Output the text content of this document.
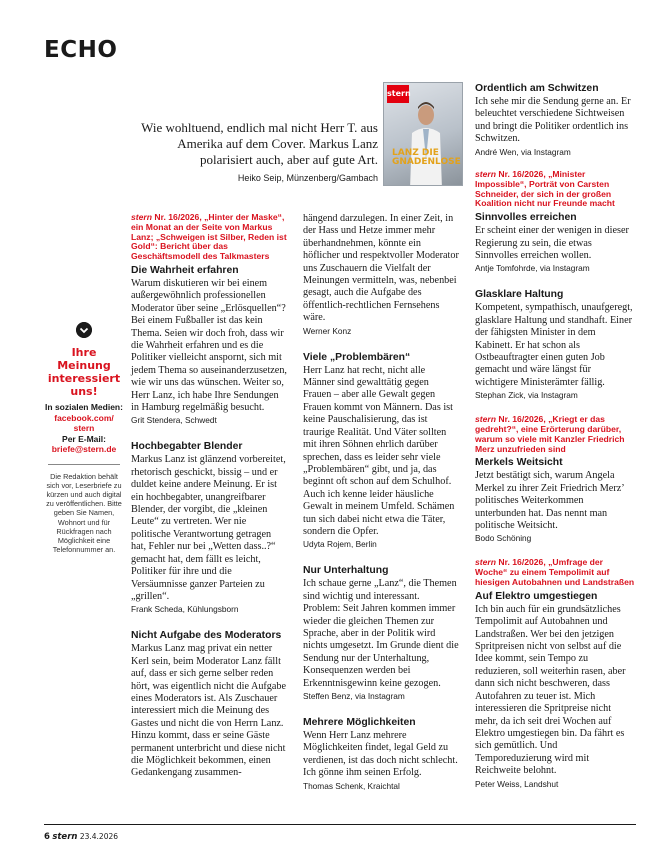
ECHO
Wie wohltuend, endlich mal nicht Herr T. aus Amerika auf dem Cover. Markus Lanz polarisiert auch, aber auf gute Art.
Heiko Seip, Münzenberg/Gambach
stern
LANZ DIE GNADENLOSE
Ihre Meinung interessiert uns!
In sozialen Medien:
facebook.com/ stern
Per E-Mail:
briefe@stern.de
Die Redaktion behält sich vor, Leserbriefe zu kürzen und auch digital zu veröffentlichen. Bitte geben Sie Namen, Wohnort und für Rückfragen nach Möglichkeit eine Telefonnummer an.
stern Nr. 16/2026, „Hinter der Maske“, ein Monat an der Seite von Markus Lanz; „Schweigen ist Silber, Reden ist Gold“: Bericht über das Geschäftsmodell des Talkmasters
Die Wahrheit erfahren
Warum diskutieren wir bei einem außergewöhnlich professionellen Moderator über seine „Erlösquellen“? Bei einem Fußballer ist das kein Thema. Seien wir doch froh, dass wir die Wahrheit erfahren und es die Politiker vielleicht anspornt, sich mit jedem Thema so auseinanderzusetzen, wie wir uns das wünschen. Weiter so, Herr Lanz, ich habe Ihre Sendungen in Hamburg regelmäßig besucht.
Grit Stendera, Schwedt
Hochbegabter Blender
Markus Lanz ist glänzend vorbereitet, rhetorisch geschickt, bissig – und er duldet keine andere Meinung. Er ist ein hochbegabter, unangreifbarer Blender, der vorgibt, die „kleinen Leute“ zu vertreten. Wer nie politische Verantwortung getragen hat, Fehler nur bei „Wetten dass..?“ gemacht hat, dem fällt es leicht, Politiker für ihre und die Versäumnisse ganzer Parteien zu „grillen“.
Frank Scheda, Kühlungsborn
Nicht Aufgabe des Moderators
Markus Lanz mag privat ein netter Kerl sein, beim Moderator Lanz fällt auf, dass er sich gerne selber reden hört, was eigentlich nicht die Aufgabe eines Moderators ist. Als Zuschauer interessiert mich die Meinung des Gastes und nicht die von Herrn Lanz. Hinzu kommt, dass er seine Gäste permanent unterbricht und diese nicht die Möglichkeit bekommen, einen Gedankengang zusammen-
hängend darzulegen. In einer Zeit, in der Hass und Hetze immer mehr überhandnehmen, könnte ein höflicher und respektvoller Moderator uns Zuschauern die Vielfalt der Meinungen vermitteln, was, nebenbei gesagt, auch die Aufgabe des öffentlich-rechtlichen Fernsehens wäre.
Werner Konz
Viele „Problembären“
Herr Lanz hat recht, nicht alle Männer sind gewalttätig gegen Frauen – aber alle Gewalt gegen Frauen kommt von Männern. Das ist keine Pauschalisierung, das ist traurige Realität. Und Väter sollten mit ihren Söhnen ehrlich darüber sprechen, dass es leider sehr viele „Problembären“ gibt, und ja, das beginnt oft schon auf dem Schulhof. Auch ich kenne leider häusliche Gewalt in meinem Umfeld. Schämen tun sich dabei nicht etwa die Täter, sondern die Opfer.
Udyta Rojem, Berlin
Nur Unterhaltung
Ich schaue gerne „Lanz“, die Themen sind wichtig und interessant. Problem: Seit Jahren kommen immer wieder die gleichen Themen zur Sprache, aber in der Politik wird nichts umgesetzt. Im Grunde dient die Sendung nur der Unterhaltung, Konsequenzen werden bei Erkenntnisgewinn keine gezogen.
Steffen Benz, via Instagram
Mehrere Möglichkeiten
Wenn Herr Lanz mehrere Möglichkeiten findet, legal Geld zu verdienen, ist das doch nicht schlecht. Ich gönne ihm seinen Erfolg.
Thomas Schenk, Kraichtal
Ordentlich am Schwitzen
Ich sehe mir die Sendung gerne an. Er beleuchtet verschiedene Sichtweisen und bringt die Politiker ordentlich ins Schwitzen.
André Wen, via Instagram
stern Nr. 16/2026, „Minister Impossible“, Porträt von Carsten Schneider, der sich in der großen Koalition nicht nur Freunde macht
Sinnvolles erreichen
Er scheint einer der wenigen in dieser Regierung zu sein, die etwas Sinnvolles erreichen wollen.
Antje Tomfohrde, via Instagram
Glasklare Haltung
Kompetent, sympathisch, unaufgeregt, glasklare Haltung und standhaft. Einer der fähigsten Minister in dem Kabinett. Er hat schon als Ostbeauftragter einen guten Job gemacht und wäre längst für wichtigere Ministerämter fällig.
Stephan Zick, via Instagram
stern Nr. 16/2026, „Kriegt er das gedreht?“, eine Erörterung darüber, warum so viele mit Kanzler Friedrich Merz unzufrieden sind
Merkels Weitsicht
Jetzt bestätigt sich, warum Angela Merkel zu ihrer Zeit Friedrich Merz’ politisches Weiterkommen unterbunden hat. Das nennt man politische Weitsicht.
Bodo Schöning
stern Nr. 16/2026, „Umfrage der Woche“ zu einem Tempolimit auf hiesigen Autobahnen und Landstraßen
Auf Elektro umgestiegen
Ich bin auch für ein grundsätzliches Tempolimit auf Autobahnen und Landstraßen. Wer bei den jetzigen Spritpreisen nicht von selbst auf die Idee kommt, sein Tempo zu reduzieren, soll weiterhin rasen, aber dann sich nicht beschweren, dass Autofahren zu teuer ist. Mich interessieren die Spritpreise nicht mehr, da ich seit drei Wochen auf Elektro umgestiegen bin. Da fährt es sich gemütlich. Und Temporeduzierung wird mit Reichweite belohnt.
Peter Weiss, Landshut
6 stern 23.4.2026
